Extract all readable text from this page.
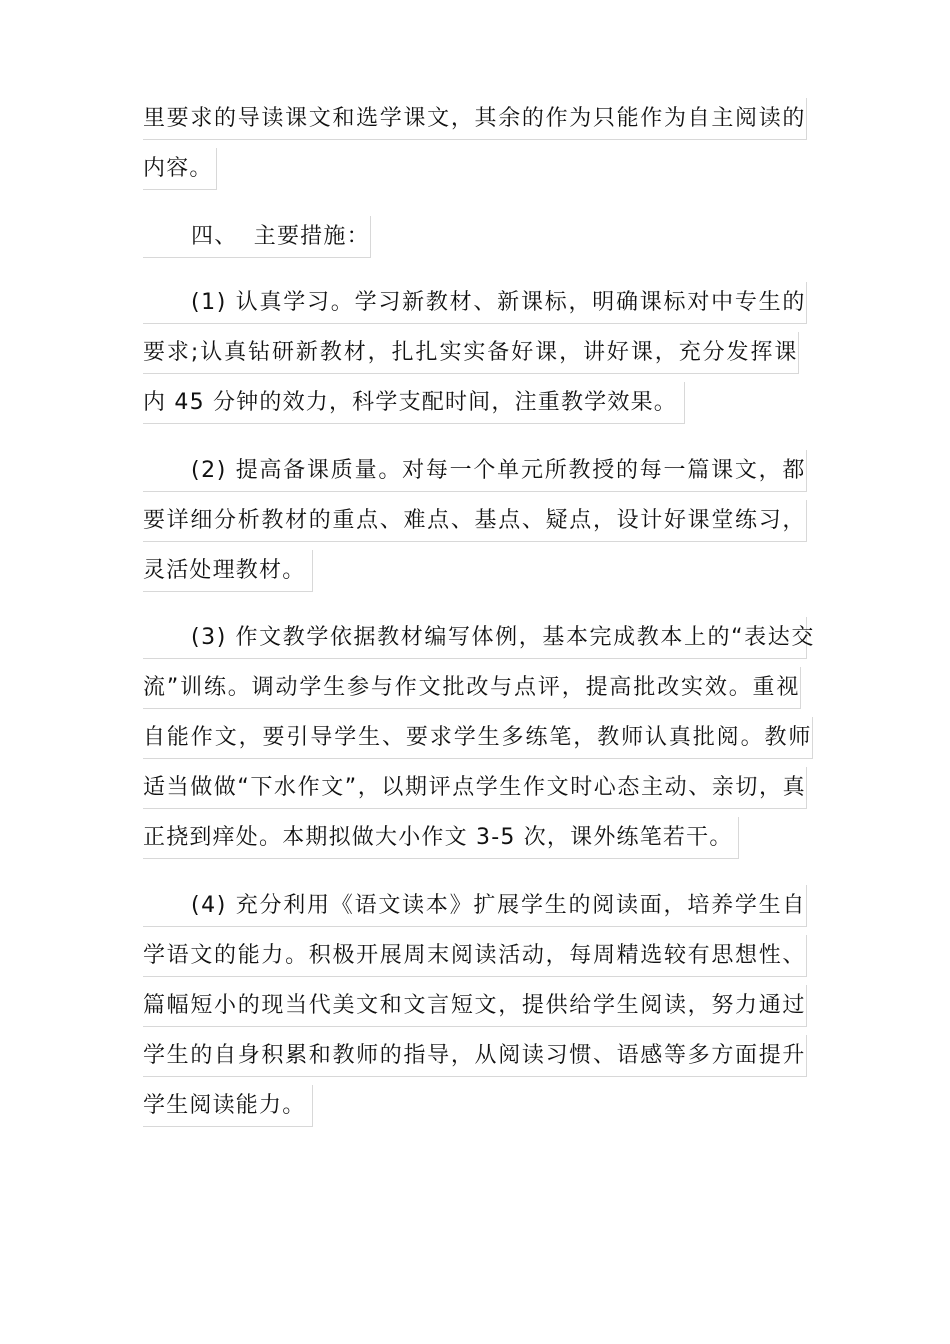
里要求的导读课文和选学课文，其余的作为只能作为自主阅读的
内容。
四、  主要措施：
(1) 认真学习。学习新教材、新课标，明确课标对中专生的
要求;认真钻研新教材，扎扎实实备好课，讲好课，充分发挥课
内 45 分钟的效力，科学支配时间，注重教学效果。
(2) 提高备课质量。对每一个单元所教授的每一篇课文，都
要详细分析教材的重点、难点、基点、疑点，设计好课堂练习，
灵活处理教材。
(3) 作文教学依据教材编写体例，基本完成教本上的“表达交
流”训练。调动学生参与作文批改与点评，提高批改实效。重视
自能作文，要引导学生、要求学生多练笔，教师认真批阅。教师
适当做做“下水作文”，以期评点学生作文时心态主动、亲切，真
正挠到痒处。本期拟做大小作文 3-5 次，课外练笔若干。
(4) 充分利用《语文读本》扩展学生的阅读面，培养学生自
学语文的能力。积极开展周末阅读活动，每周精选较有思想性、
篇幅短小的现当代美文和文言短文，提供给学生阅读，努力通过
学生的自身积累和教师的指导，从阅读习惯、语感等多方面提升
学生阅读能力。
